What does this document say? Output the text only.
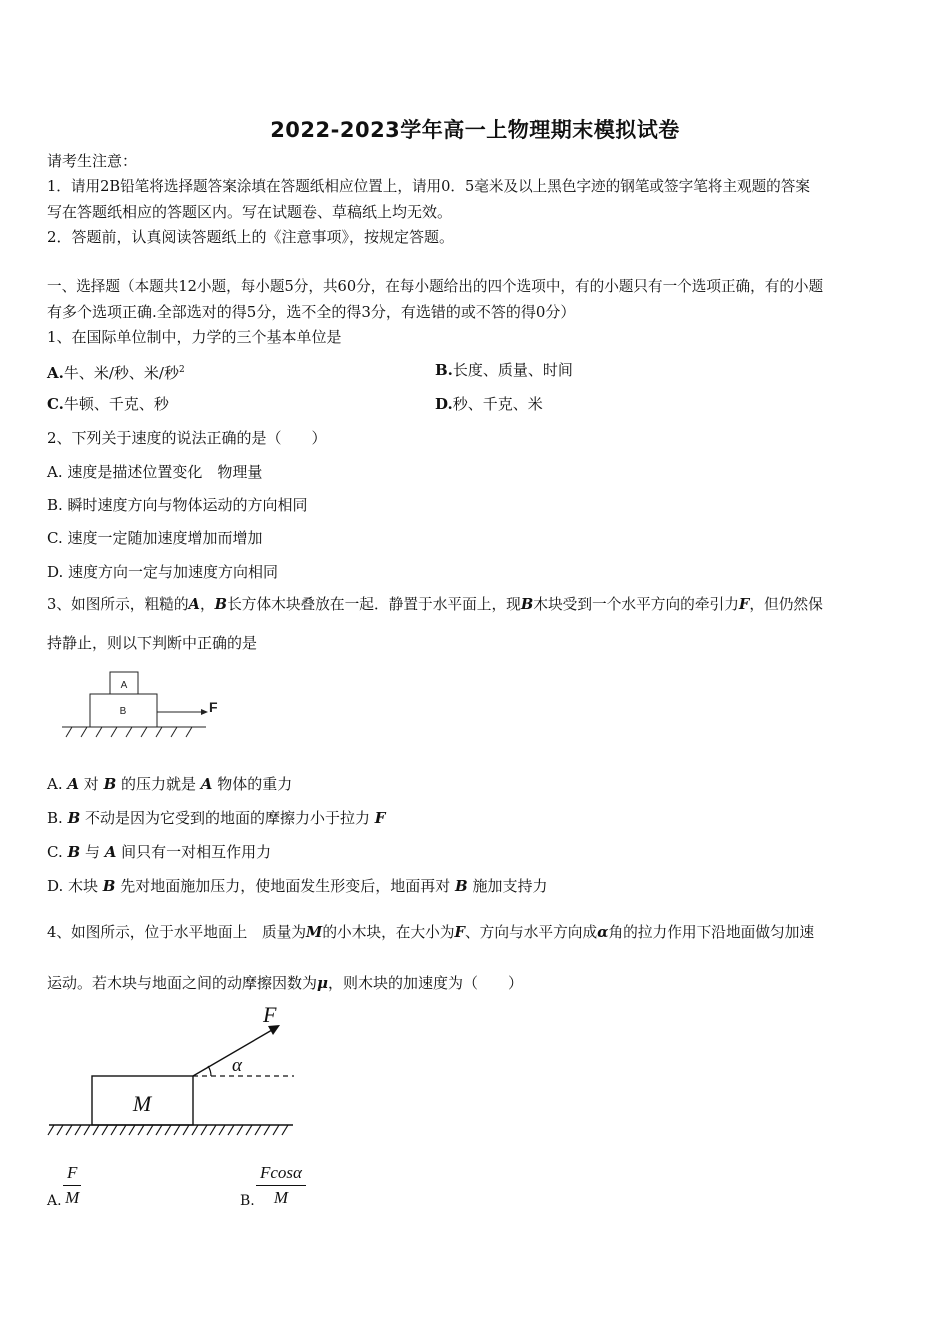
2022-2023学年高一上物理期末模拟试卷
请考生注意：
1．请用2B铅笔将选择题答案涂填在答题纸相应位置上，请用0．5毫米及以上黑色字迹的钢笔或签字笔将主观题的答案
写在答题纸相应的答题区内。写在试题卷、草稿纸上均无效。
2．答题前，认真阅读答题纸上的《注意事项》，按规定答题。
一、选择题（本题共12小题，每小题5分，共60分，在每小题给出的四个选项中，有的小题只有一个选项正确，有的小题
有多个选项正确.全部选对的得5分，选不全的得3分，有选错的或不答的得0分）
1、在国际单位制中，力学的三个基本单位是
A.牛、米/秒、米/秒$^2$	B.长度、质量、时间
C.牛顿、千克、秒	D.秒、千克、米
2、下列关于速度的说法正确的是（　　）
A. 速度是描述位置变化　物理量
B. 瞬时速度方向与物体运动的方向相同
C. 速度一定随加速度增加而增加
D. 速度方向一定与加速度方向相同
3、如图所示，粗糙的A，B长方体木块叠放在一起．静置于水平面上，现B木块受到一个水平方向的牵引力F，但仍然保
持静止，则以下判断中正确的是
A
B	F
A. A 对 B 的压力就是 A 物体的重力
B. B 不动是因为它受到的地面的摩擦力小于拉力 F
C. B 与 A 间只有一对相互作用力
D. 木块 B 先对地面施加压力，使地面发生形变后，地面再对 B 施加支持力
4、如图所示，位于水平地面上　质量为M的小木块，在大小为F、方向与水平方向成α角的拉力作用下沿地面做匀加速
运动。若木块与地面之间的动摩擦因数为μ，则木块的加速度为（　　）
M
F
α
A. $\frac{F}{M}$	B. $\frac{Fcos\alpha}{M}$
